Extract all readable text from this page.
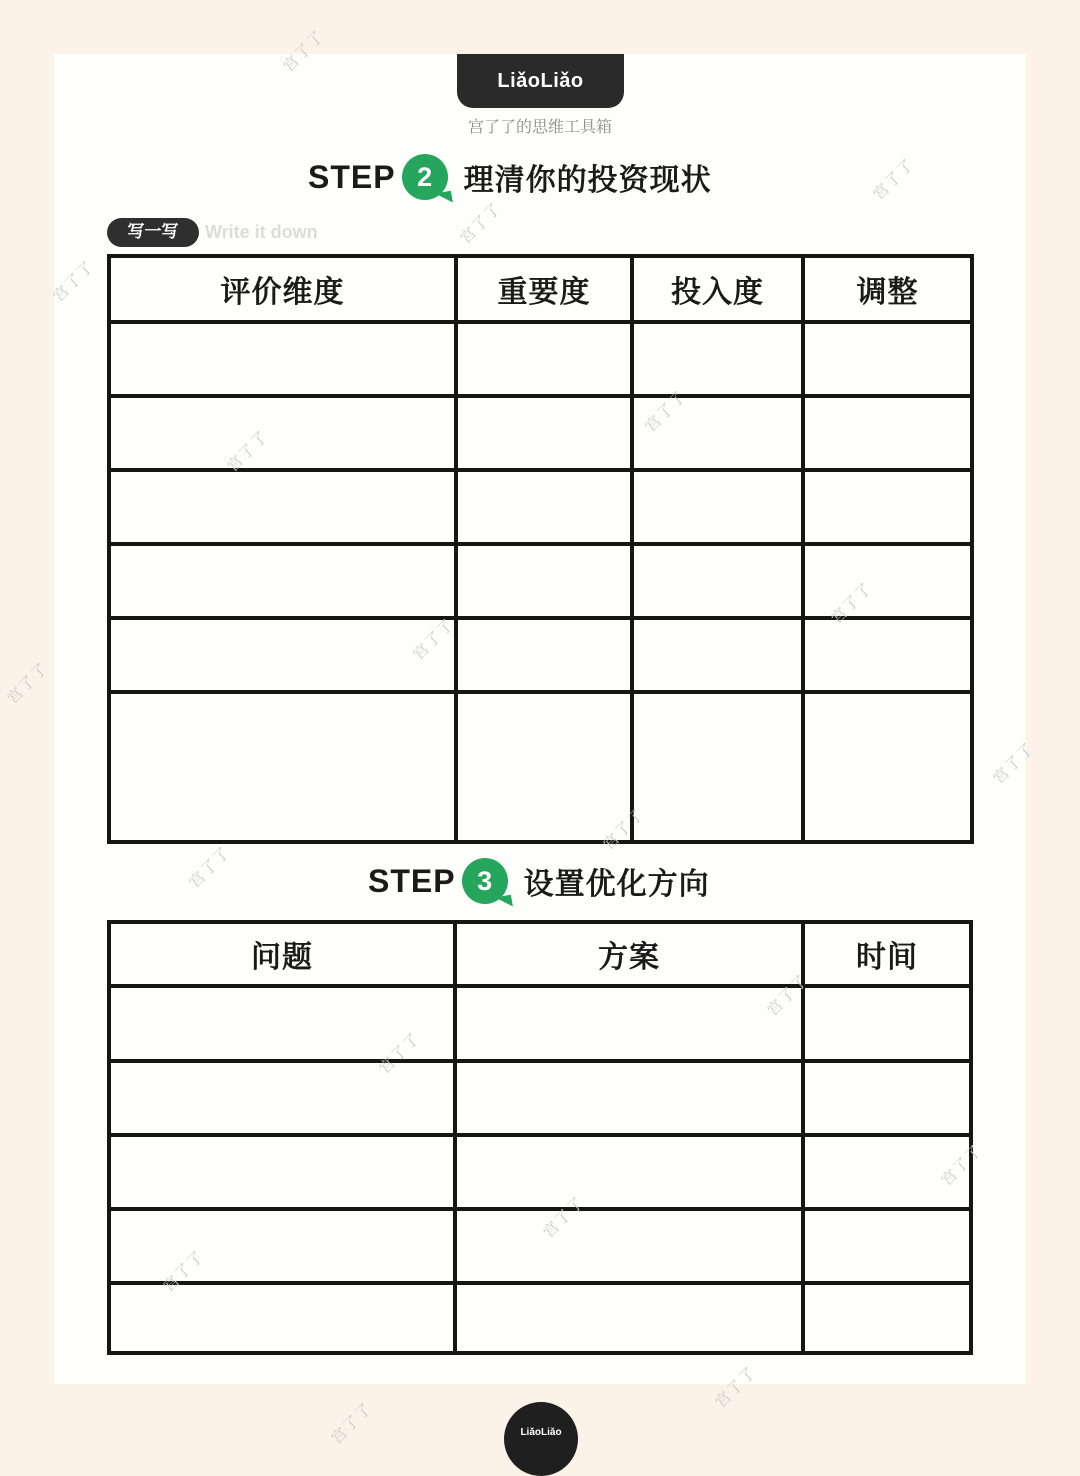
LiǎoLiǎo
宫了了的思维工具箱
STEP 2	理清你的投资现状
写一写	Write it down
评价维度	重要度	投入度	调整

STEP 3	设置优化方向
问题	方案	时间

宫了了
宫了了
宫了了
宫了了
宫了了
宫了了
宫了了
宫了了
宫了了
宫了了
宫了了
宫了了
宫了了
宫了了
宫了了
宫了了
宫了了
宫了了
宫了了	LiǎoLiǎo
